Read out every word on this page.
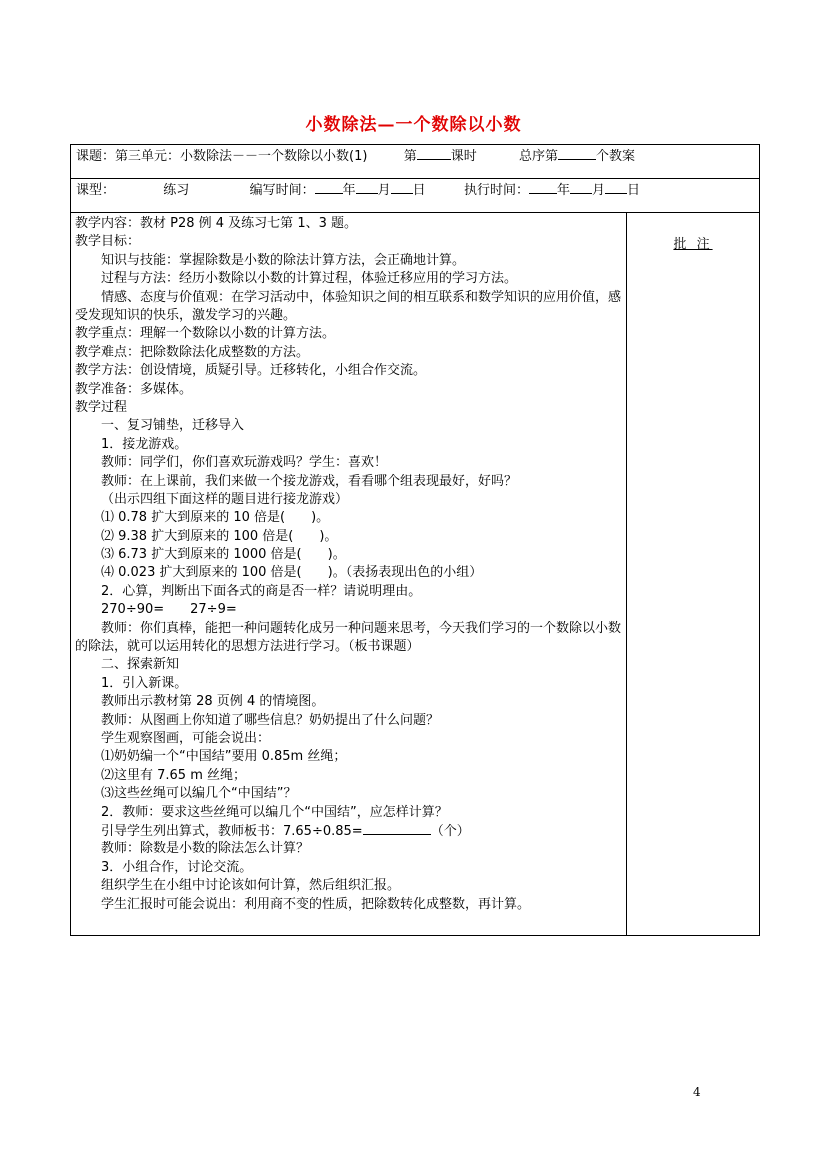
小数除法—一个数除以小数
课题：第三单元：小数除法－－一个数除以小数(1)	第	课时	总序第	个教案
课型：	练习	编写时间： 年 月 日	执行时间： 年 月 日

教学内容：教材 P28 例 4 及练习七第 1、3 题。
教学目标：
知识与技能：掌握除数是小数的除法计算方法，会正确地计算。
过程与方法：经历小数除以小数的计算过程，体验迁移应用的学习方法。
情感、态度与价值观：在学习活动中，体验知识之间的相互联系和数学知识的应用价值，感受发现知识的快乐，激发学习的兴趣。
教学重点：理解一个数除以小数的计算方法。
教学难点：把除数除法化成整数的方法。
教学方法：创设情境，质疑引导。迁移转化，小组合作交流。
教学准备：多媒体。
教学过程
一、复习铺垫，迁移导入
1．接龙游戏。
教师：同学们，你们喜欢玩游戏吗？学生：喜欢！
教师：在上课前，我们来做一个接龙游戏，看看哪个组表现最好，好吗？
（出示四组下面这样的题目进行接龙游戏）
⑴ 0.78 扩大到原来的 10 倍是(　　)。
⑵ 9.38 扩大到原来的 100 倍是(　　)。
⑶ 6.73 扩大到原来的 1000 倍是(　　)。
⑷ 0.023 扩大到原来的 100 倍是(　　)。（表扬表现出色的小组）
2．心算，判断出下面各式的商是否一样？请说明理由。
270÷90=　　27÷9=
教师：你们真棒，能把一种问题转化成另一种问题来思考，今天我们学习的一个数除以小数的除法，就可以运用转化的思想方法进行学习。（板书课题）
二、探索新知
1．引入新课。
教师出示教材第 28 页例 4 的情境图。
教师：从图画上你知道了哪些信息？奶奶提出了什么问题？
学生观察图画，可能会说出：
⑴奶奶编一个“中国结”要用 0.85m 丝绳；
⑵这里有 7.65 m 丝绳；
⑶这些丝绳可以编几个“中国结”？
2．教师：要求这些丝绳可以编几个“中国结”，应怎样计算？
引导学生列出算式，教师板书：7.65÷0.85=	（个）
教师：除数是小数的除法怎么计算？
3．小组合作，讨论交流。
组织学生在小组中讨论该如何计算，然后组织汇报。
学生汇报时可能会说出：利用商不变的性质，把除数转化成整数，再计算。
	批 注
4
